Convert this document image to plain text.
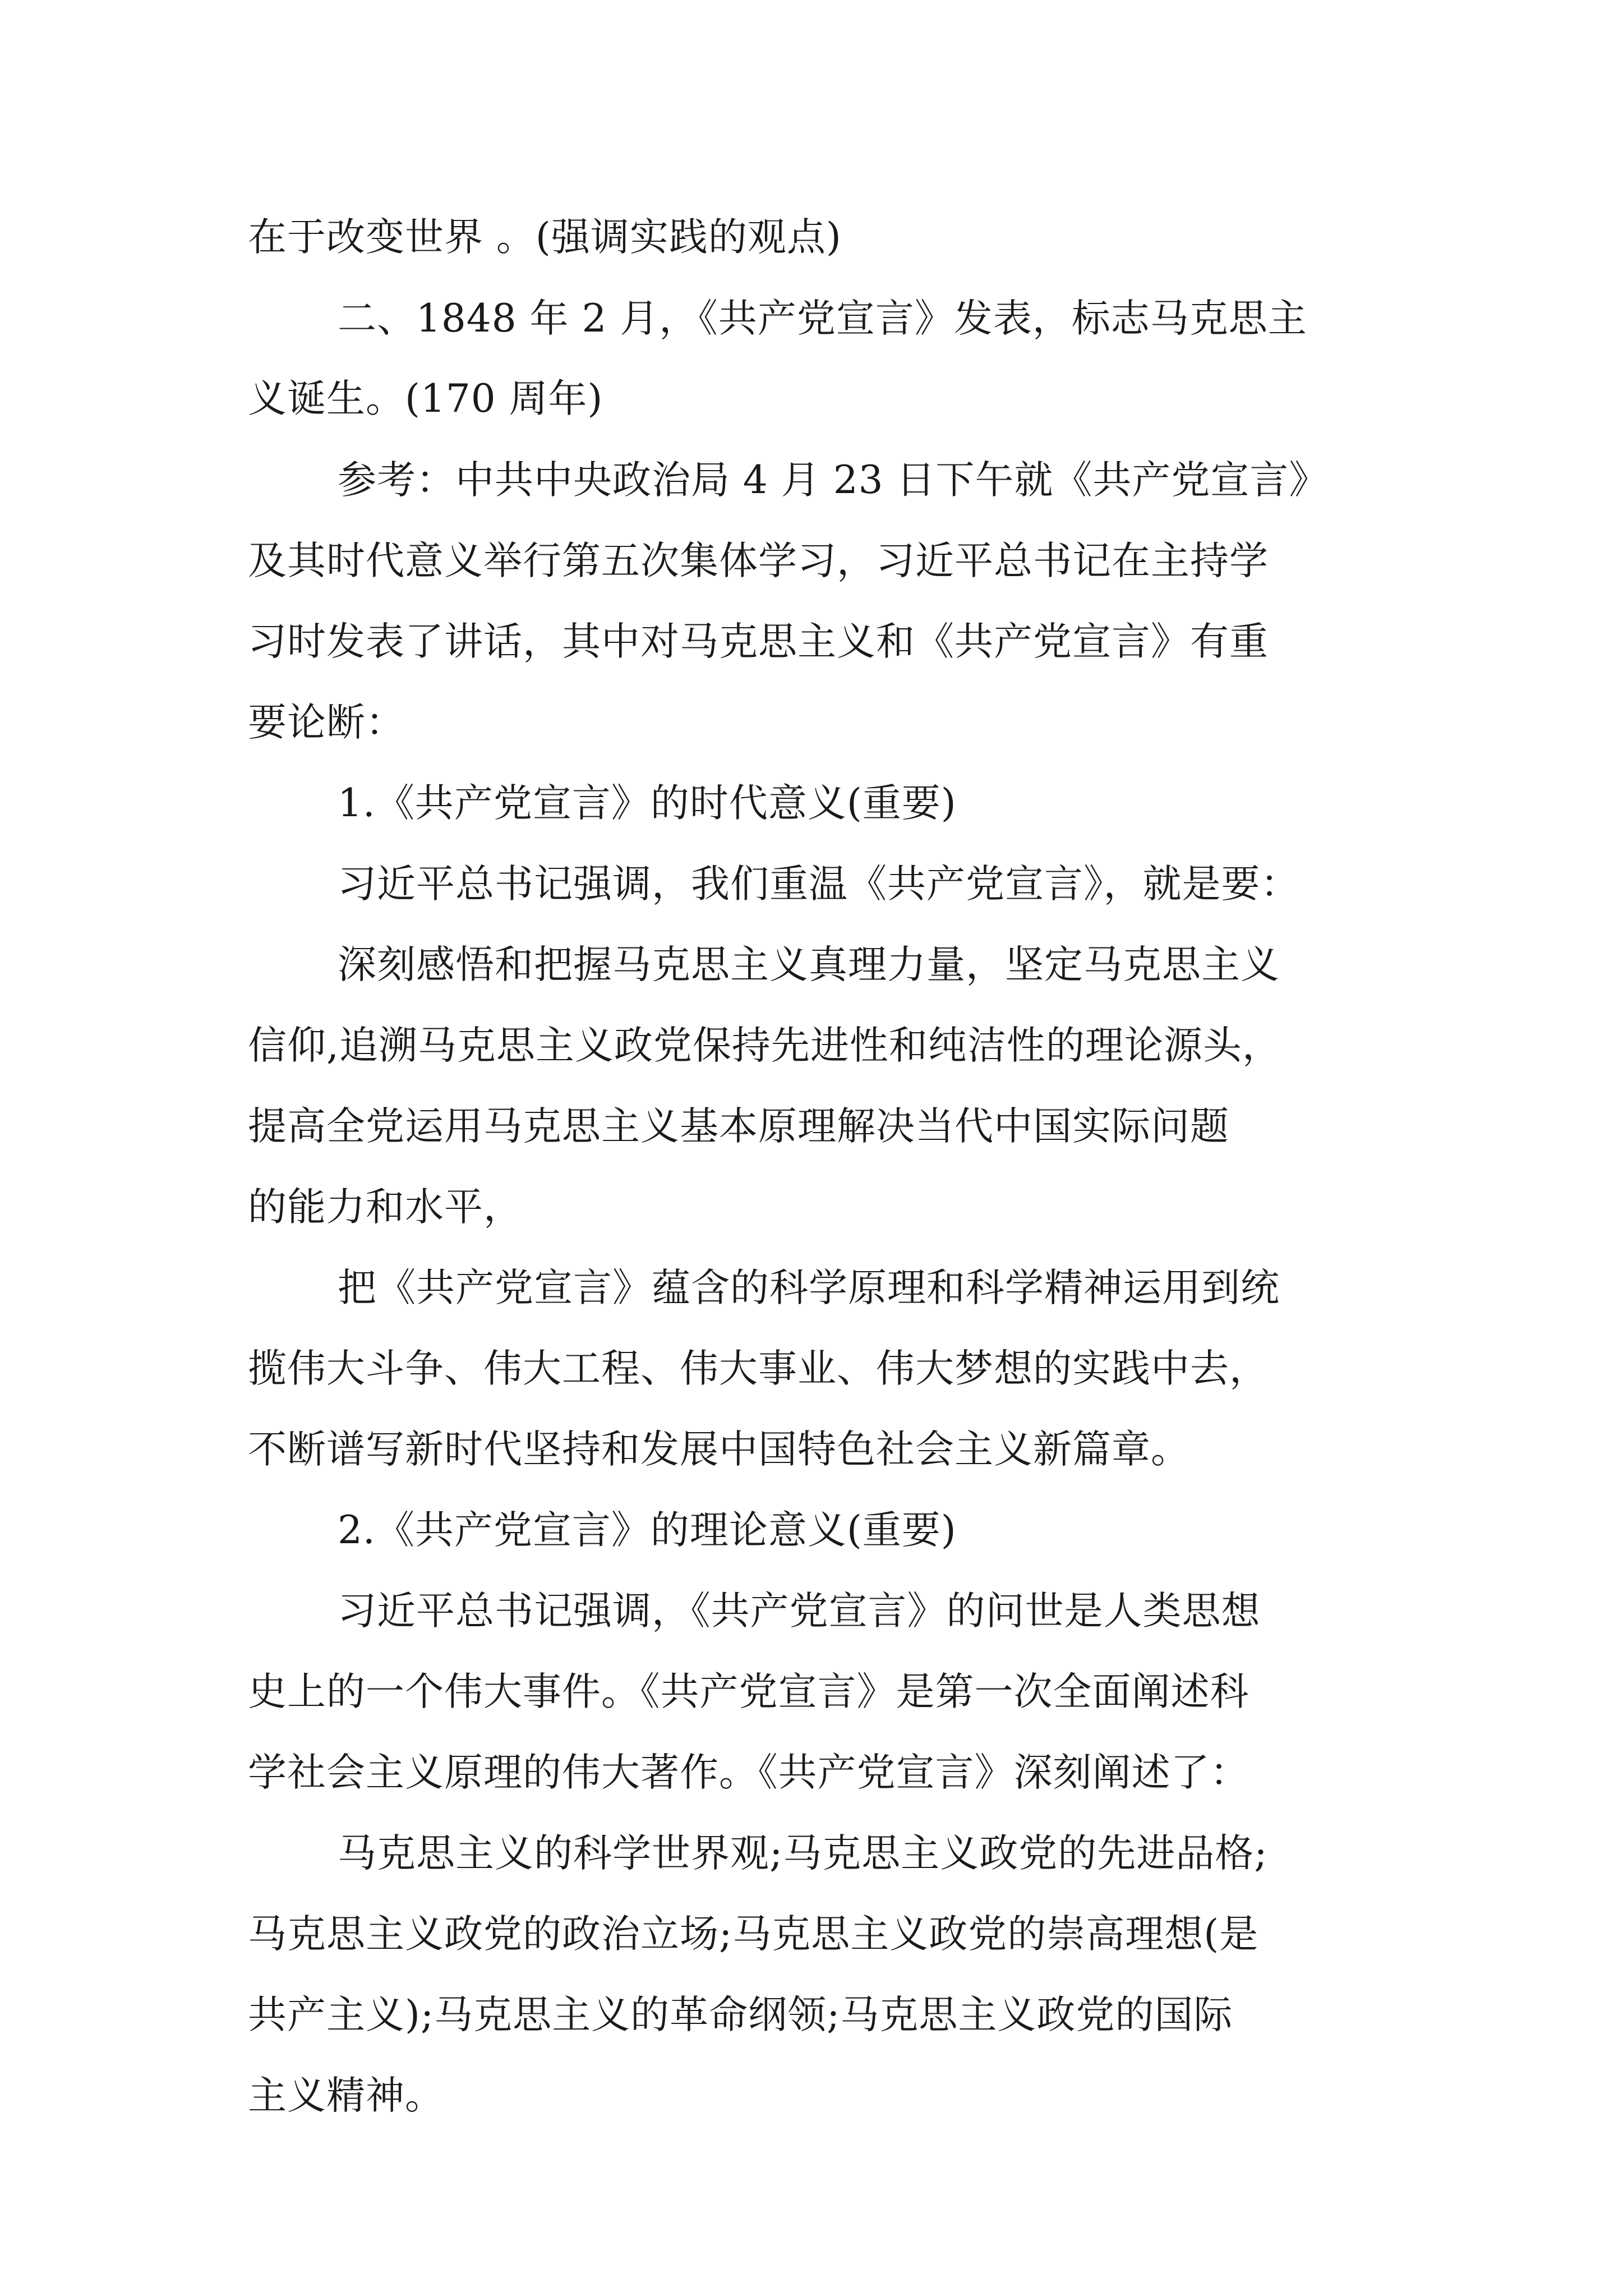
在于改变世界 。(强调实践的观点)
二、1848 年 2 月，《共产党宣言》发表，标志马克思主
义诞生。(170 周年)
参考：中共中央政治局 4 月 23 日下午就《共产党宣言》
及其时代意义举行第五次集体学习，习近平总书记在主持学
习时发表了讲话，其中对马克思主义和《共产党宣言》有重
要论断：
1.《共产党宣言》的时代意义(重要)
习近平总书记强调，我们重温《共产党宣言》，就是要：
深刻感悟和把握马克思主义真理力量，坚定马克思主义
信仰,追溯马克思主义政党保持先进性和纯洁性的理论源头，
提高全党运用马克思主义基本原理解决当代中国实际问题
的能力和水平，
把《共产党宣言》蕴含的科学原理和科学精神运用到统
揽伟大斗争、伟大工程、伟大事业、伟大梦想的实践中去，
不断谱写新时代坚持和发展中国特色社会主义新篇章。
2.《共产党宣言》的理论意义(重要)
习近平总书记强调，《共产党宣言》的问世是人类思想
史上的一个伟大事件。《共产党宣言》是第一次全面阐述科
学社会主义原理的伟大著作。《共产党宣言》深刻阐述了：
马克思主义的科学世界观;马克思主义政党的先进品格;
马克思主义政党的政治立场;马克思主义政党的崇高理想(是
共产主义);马克思主义的革命纲领;马克思主义政党的国际
主义精神。
